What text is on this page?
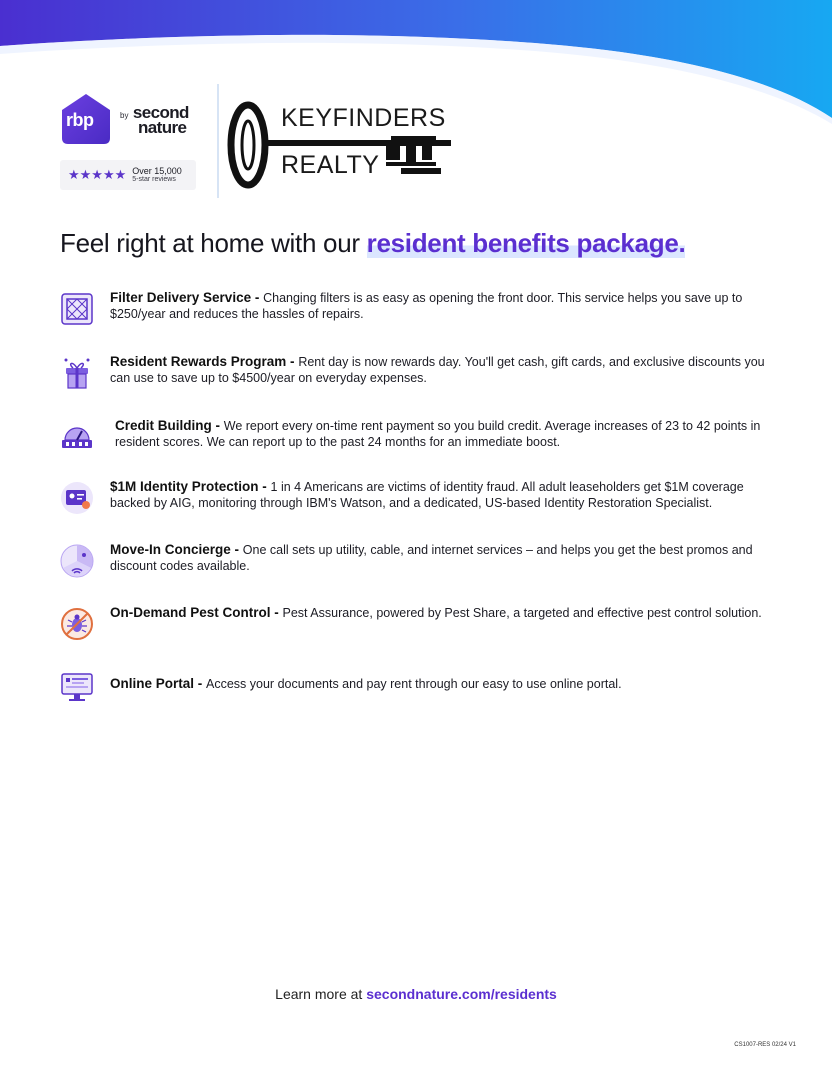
rbp	by second
nature
★★★★★ Over 15,000
5-star reviews
KEYFINDERS
REALTY
Feel right at home with our resident benefits package.
Filter Delivery Service - Changing filters is as easy as opening the front door. This service helps you save up to $250/year and reduces the hassles of repairs.
Resident Rewards Program - Rent day is now rewards day. You'll get cash, gift cards, and exclusive discounts you can use to save up to $4500/year on everyday expenses.
Credit Building - We report every on-time rent payment so you build credit. Average increases of 23 to 42 points in resident scores. We can report up to the past 24 months for an immediate boost.
$1M Identity Protection - 1 in 4 Americans are victims of identity fraud. All adult leaseholders get $1M coverage backed by AIG, monitoring through IBM's Watson, and a dedicated, US-based Identity Restoration Specialist.
Move-In Concierge - One call sets up utility, cable, and internet services – and helps you get the best promos and discount codes available.
On-Demand Pest Control - Pest Assurance, powered by Pest Share, a targeted and effective pest control solution.
Online Portal - Access your documents and pay rent through our easy to use online portal.
Learn more at secondnature.com/residents
CS1007-RES 02/24 V1
